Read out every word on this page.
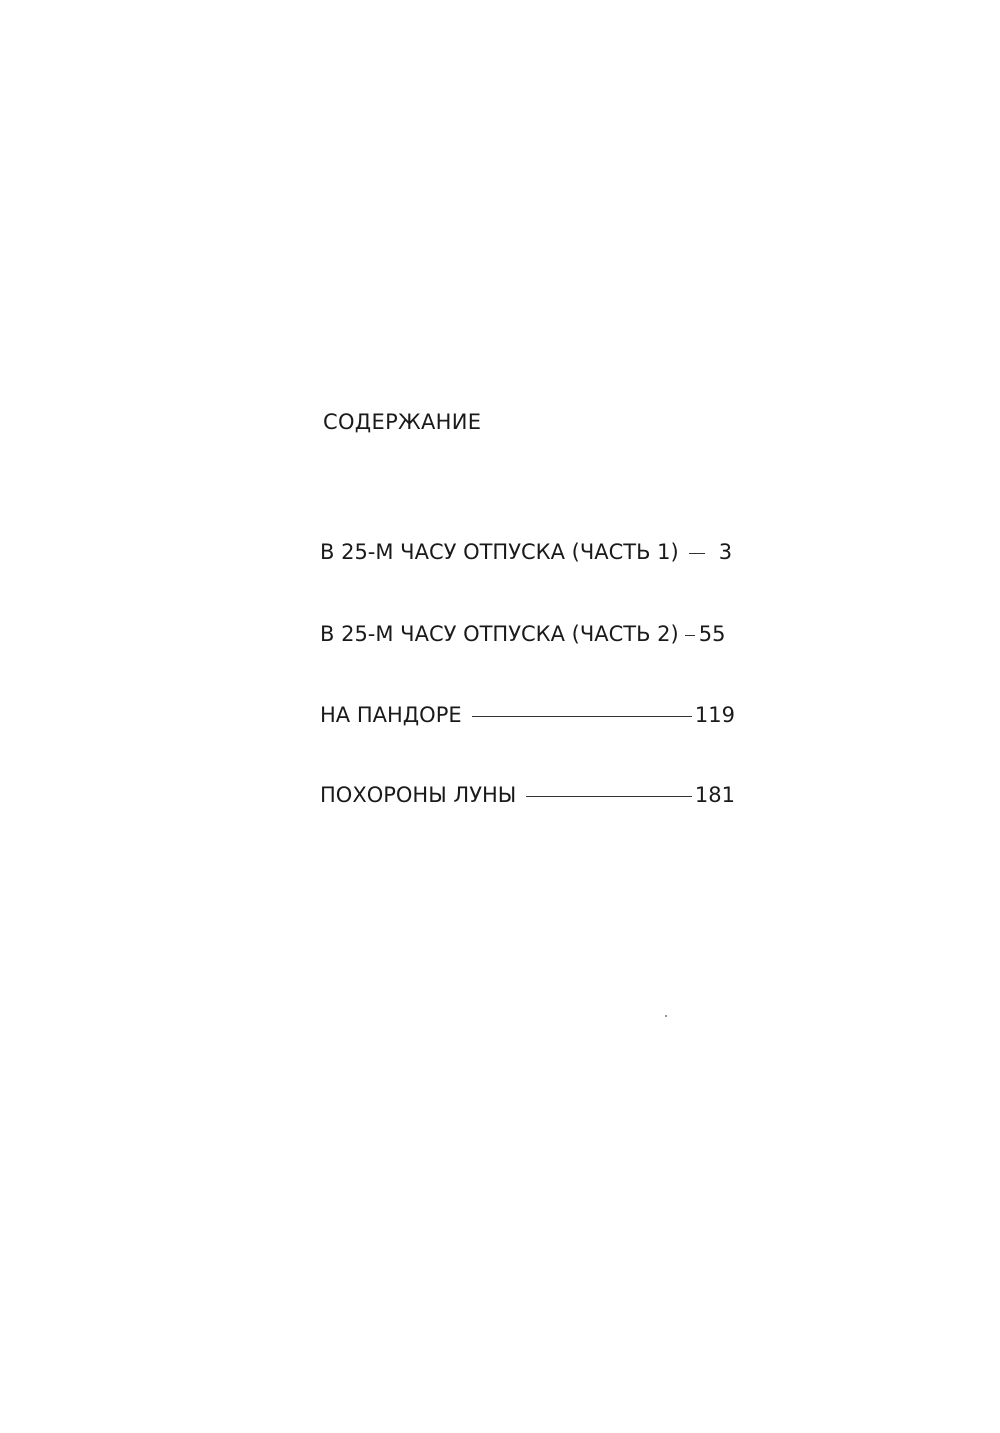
СОДЕРЖАНИЕ
В 25-М ЧАСУ ОТПУСКА (ЧАСТЬ 1) 3
В 25-М ЧАСУ ОТПУСКА (ЧАСТЬ 2) 55
НА ПАНДОРЕ	119
ПОХОРОНЫ ЛУНЫ	181
